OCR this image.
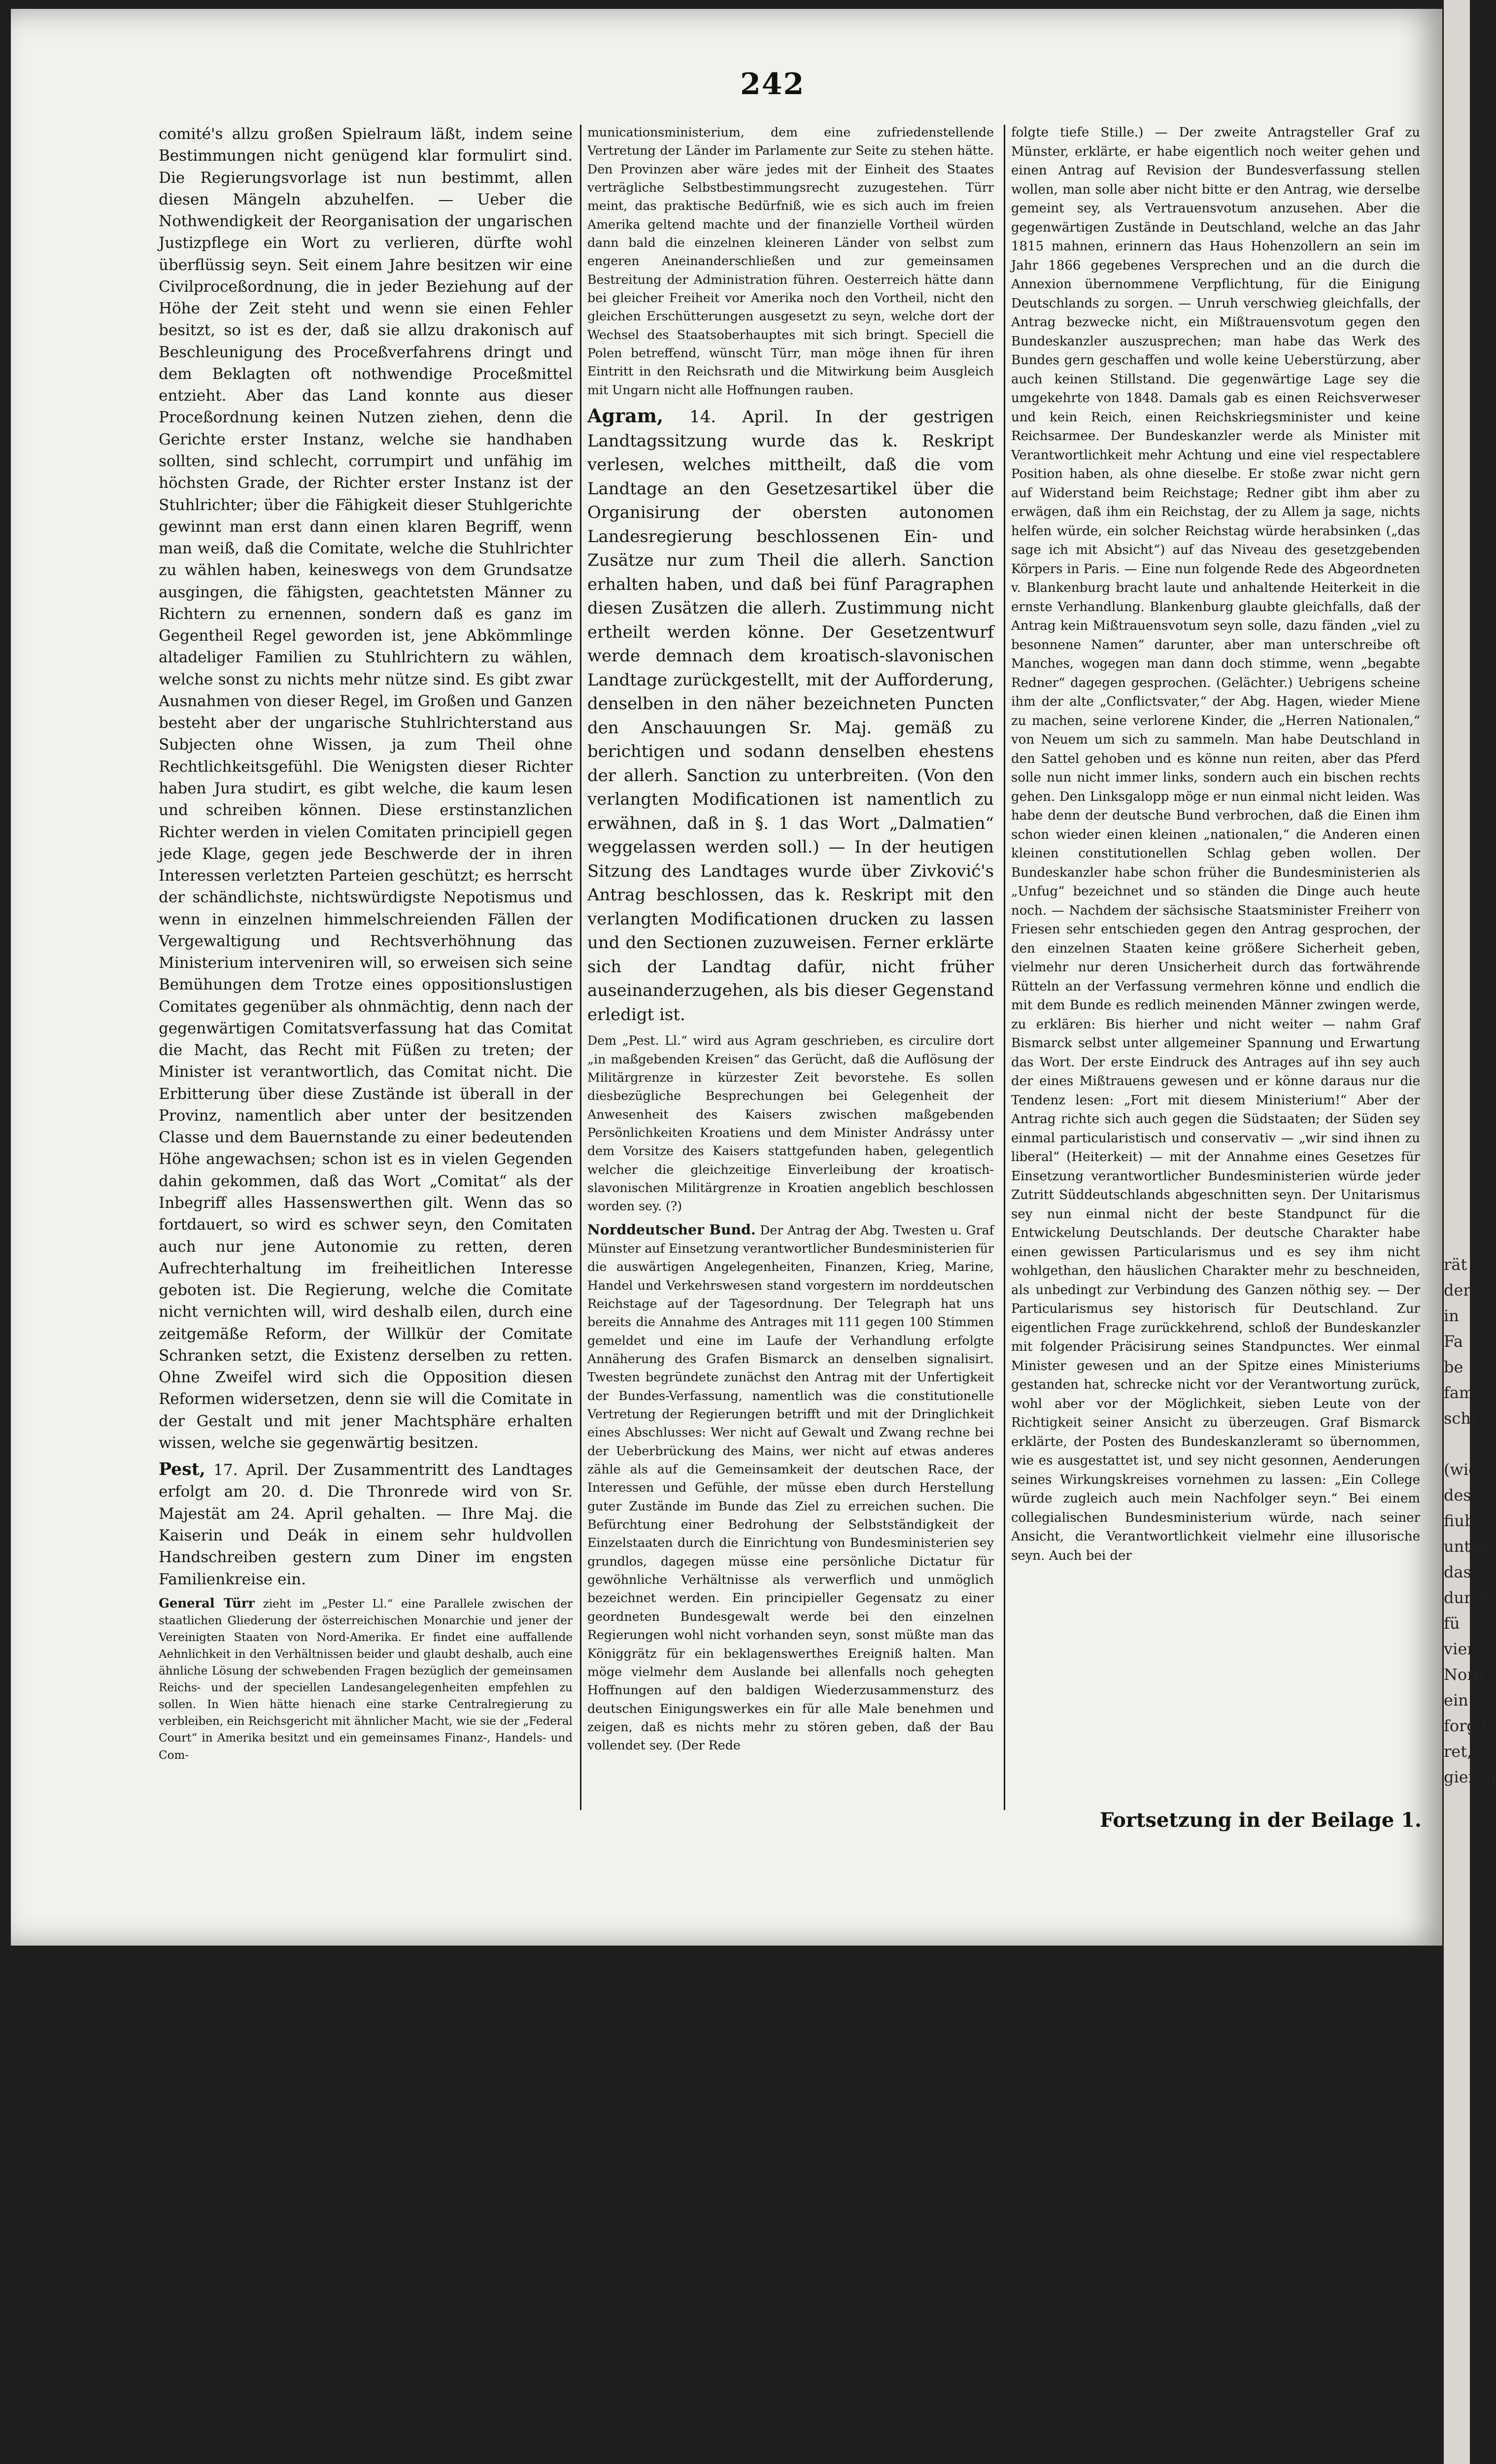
242

comité's allzu großen Spielraum läßt, indem seine Bestimmungen nicht genügend klar formulirt sind. Die Regierungsvorlage ist nun bestimmt, allen diesen Mängeln abzuhelfen. — Ueber die Nothwendigkeit der Reorganisation der ungarischen Justizpflege ein Wort zu verlieren, dürfte wohl überflüssig seyn. Seit einem Jahre besitzen wir eine Civilproceßordnung, die in jeder Beziehung auf der Höhe der Zeit steht und wenn sie einen Fehler besitzt, so ist es der, daß sie allzu drakonisch auf Beschleunigung des Proceßverfahrens dringt und dem Beklagten oft nothwendige Proceßmittel entzieht. Aber das Land konnte aus dieser Proceßordnung keinen Nutzen ziehen, denn die Gerichte erster Instanz, welche sie handhaben sollten, sind schlecht, corrumpirt und unfähig im höchsten Grade, der Richter erster Instanz ist der Stuhlrichter; über die Fähigkeit dieser Stuhlgerichte gewinnt man erst dann einen klaren Begriff, wenn man weiß, daß die Comitate, welche die Stuhlrichter zu wählen haben, keineswegs von dem Grundsatze ausgingen, die fähigsten, geachtetsten Männer zu Richtern zu ernennen, sondern daß es ganz im Gegentheil Regel geworden ist, jene Abkömmlinge altadeliger Familien zu Stuhlrichtern zu wählen, welche sonst zu nichts mehr nütze sind. Es gibt zwar Ausnahmen von dieser Regel, im Großen und Ganzen besteht aber der ungarische Stuhlrichterstand aus Subjecten ohne Wissen, ja zum Theil ohne Rechtlichkeitsgefühl. Die Wenigsten dieser Richter haben Jura studirt, es gibt welche, die kaum lesen und schreiben können. Diese erstinstanzlichen Richter werden in vielen Comitaten principiell gegen jede Klage, gegen jede Beschwerde der in ihren Interessen verletzten Parteien geschützt; es herrscht der schändlichste, nichtswürdigste Nepotismus und wenn in einzelnen himmelschreienden Fällen der Vergewaltigung und Rechtsverhöhnung das Ministerium interveniren will, so erweisen sich seine Bemühungen dem Trotze eines oppositionslustigen Comitates gegenüber als ohnmächtig, denn nach der gegenwärtigen Comitatsverfassung hat das Comitat die Macht, das Recht mit Füßen zu treten; der Minister ist verantwortlich, das Comitat nicht. Die Erbitterung über diese Zustände ist überall in der Provinz, namentlich aber unter der besitzenden Classe und dem Bauernstande zu einer bedeutenden Höhe angewachsen; schon ist es in vielen Gegenden dahin gekommen, daß das Wort „Comitat“ als der Inbegriff alles Hassenswerthen gilt. Wenn das so fortdauert, so wird es schwer seyn, den Comitaten auch nur jene Autonomie zu retten, deren Aufrechterhaltung im freiheitlichen Interesse geboten ist. Die Regierung, welche die Comitate nicht vernichten will, wird deshalb eilen, durch eine zeitgemäße Reform, der Willkür der Comitate Schranken setzt, die Existenz derselben zu retten. Ohne Zweifel wird sich die Opposition diesen Reformen widersetzen, denn sie will die Comitate in der Gestalt und mit jener Machtsphäre erhalten wissen, welche sie gegenwärtig besitzen.

Pest, 17. April. Der Zusammentritt des Landtages erfolgt am 20. d. Die Thronrede wird von Sr. Majestät am 24. April gehalten. — Ihre Maj. die Kaiserin und Deák in einem sehr huldvollen Handschreiben gestern zum Diner im engsten Familienkreise ein.

General Türr zieht im „Pester Ll.“ eine Parallele zwischen der staatlichen Gliederung der österreichischen Monarchie und jener der Vereinigten Staaten von Nord-Amerika. Er findet eine auffallende Aehnlichkeit in den Verhältnissen beider und glaubt deshalb, auch eine ähnliche Lösung der schwebenden Fragen bezüglich der gemeinsamen Reichs- und der speciellen Landesangelegenheiten empfehlen zu sollen. In Wien hätte hienach eine starke Centralregierung zu verbleiben, ein Reichsgericht mit ähnlicher Macht, wie sie der „Federal Court“ in Amerika besitzt und ein gemeinsames Finanz-, Handels- und Com-

municationsministerium, dem eine zufriedenstellende Vertretung der Länder im Parlamente zur Seite zu stehen hätte. Den Provinzen aber wäre jedes mit der Einheit des Staates verträgliche Selbstbestimmungsrecht zuzugestehen. Türr meint, das praktische Bedürfniß, wie es sich auch im freien Amerika geltend machte und der finanzielle Vortheil würden dann bald die einzelnen kleineren Länder von selbst zum engeren Aneinanderschließen und zur gemeinsamen Bestreitung der Administration führen. Oesterreich hätte dann bei gleicher Freiheit vor Amerika noch den Vortheil, nicht den gleichen Erschütterungen ausgesetzt zu seyn, welche dort der Wechsel des Staatsoberhauptes mit sich bringt. Speciell die Polen betreffend, wünscht Türr, man möge ihnen für ihren Eintritt in den Reichsrath und die Mitwirkung beim Ausgleich mit Ungarn nicht alle Hoffnungen rauben.

Agram, 14. April. In der gestrigen Landtagssitzung wurde das k. Reskript verlesen, welches mittheilt, daß die vom Landtage an den Gesetzesartikel über die Organisirung der obersten autonomen Landesregierung beschlossenen Ein- und Zusätze nur zum Theil die allerh. Sanction erhalten haben, und daß bei fünf Paragraphen diesen Zusätzen die allerh. Zustimmung nicht ertheilt werden könne. Der Gesetzentwurf werde demnach dem kroatisch-slavonischen Landtage zurückgestellt, mit der Aufforderung, denselben in den näher bezeichneten Puncten den Anschauungen Sr. Maj. gemäß zu berichtigen und sodann denselben ehestens der allerh. Sanction zu unterbreiten. (Von den verlangten Modificationen ist namentlich zu erwähnen, daß in §. 1 das Wort „Dalmatien“ weggelassen werden soll.) — In der heutigen Sitzung des Landtages wurde über Zivković's Antrag beschlossen, das k. Reskript mit den verlangten Modificationen drucken zu lassen und den Sectionen zuzuweisen. Ferner erklärte sich der Landtag dafür, nicht früher auseinanderzugehen, als bis dieser Gegenstand erledigt ist.

Dem „Pest. Ll.“ wird aus Agram geschrieben, es circulire dort „in maßgebenden Kreisen“ das Gerücht, daß die Auflösung der Militärgrenze in kürzester Zeit bevorstehe. Es sollen diesbezügliche Besprechungen bei Gelegenheit der Anwesenheit des Kaisers zwischen maßgebenden Persönlichkeiten Kroatiens und dem Minister Andrássy unter dem Vorsitze des Kaisers stattgefunden haben, gelegentlich welcher die gleichzeitige Einverleibung der kroatisch-slavonischen Militärgrenze in Kroatien angeblich beschlossen worden sey. (?)

Norddeutscher Bund. Der Antrag der Abg. Twesten u. Graf Münster auf Einsetzung verantwortlicher Bundesministerien für die auswärtigen Angelegenheiten, Finanzen, Krieg, Marine, Handel und Verkehrswesen stand vorgestern im norddeutschen Reichstage auf der Tagesordnung. Der Telegraph hat uns bereits die Annahme des Antrages mit 111 gegen 100 Stimmen gemeldet und eine im Laufe der Verhandlung erfolgte Annäherung des Grafen Bismarck an denselben signalisirt. Twesten begründete zunächst den Antrag mit der Unfertigkeit der Bundes-Verfassung, namentlich was die constitutionelle Vertretung der Regierungen betrifft und mit der Dringlichkeit eines Abschlusses: Wer nicht auf Gewalt und Zwang rechne bei der Ueberbrückung des Mains, wer nicht auf etwas anderes zähle als auf die Gemeinsamkeit der deutschen Race, der Interessen und Gefühle, der müsse eben durch Herstellung guter Zustände im Bunde das Ziel zu erreichen suchen. Die Befürchtung einer Bedrohung der Selbstständigkeit der Einzelstaaten durch die Einrichtung von Bundesministerien sey grundlos, dagegen müsse eine persönliche Dictatur für gewöhnliche Verhältnisse als verwerflich und unmöglich bezeichnet werden. Ein principieller Gegensatz zu einer geordneten Bundesgewalt werde bei den einzelnen Regierungen wohl nicht vorhanden seyn, sonst müßte man das Königgrätz für ein beklagenswerthes Ereigniß halten. Man möge vielmehr dem Auslande bei allenfalls noch gehegten Hoffnungen auf den baldigen Wiederzusammensturz des deutschen Einigungswerkes ein für alle Male benehmen und zeigen, daß es nichts mehr zu stören geben, daß der Bau vollendet sey. (Der Rede

folgte tiefe Stille.) — Der zweite Antragsteller Graf zu Münster, erklärte, er habe eigentlich noch weiter gehen und einen Antrag auf Revision der Bundesverfassung stellen wollen, man solle aber nicht bitte er den Antrag, wie derselbe gemeint sey, als Vertrauensvotum anzusehen. Aber die gegenwärtigen Zustände in Deutschland, welche an das Jahr 1815 mahnen, erinnern das Haus Hohenzollern an sein im Jahr 1866 gegebenes Versprechen und an die durch die Annexion übernommene Verpflichtung, für die Einigung Deutschlands zu sorgen. — Unruh verschwieg gleichfalls, der Antrag bezwecke nicht, ein Mißtrauensvotum gegen den Bundeskanzler auszusprechen; man habe das Werk des Bundes gern geschaffen und wolle keine Ueberstürzung, aber auch keinen Stillstand. Die gegenwärtige Lage sey die umgekehrte von 1848. Damals gab es einen Reichsverweser und kein Reich, einen Reichskriegsminister und keine Reichsarmee. Der Bundeskanzler werde als Minister mit Verantwortlichkeit mehr Achtung und eine viel respectablere Position haben, als ohne dieselbe. Er stoße zwar nicht gern auf Widerstand beim Reichstage; Redner gibt ihm aber zu erwägen, daß ihm ein Reichstag, der zu Allem ja sage, nichts helfen würde, ein solcher Reichstag würde herabsinken („das sage ich mit Absicht“) auf das Niveau des gesetzgebenden Körpers in Paris. — Eine nun folgende Rede des Abgeordneten v. Blankenburg bracht laute und anhaltende Heiterkeit in die ernste Verhandlung. Blankenburg glaubte gleichfalls, daß der Antrag kein Mißtrauensvotum seyn solle, dazu fänden „viel zu besonnene Namen“ darunter, aber man unterschreibe oft Manches, wogegen man dann doch stimme, wenn „begabte Redner“ dagegen gesprochen. (Gelächter.) Uebrigens scheine ihm der alte „Conflictsvater,“ der Abg. Hagen, wieder Miene zu machen, seine verlorene Kinder, die „Herren Nationalen,“ von Neuem um sich zu sammeln. Man habe Deutschland in den Sattel gehoben und es könne nun reiten, aber das Pferd solle nun nicht immer links, sondern auch ein bischen rechts gehen. Den Linksgalopp möge er nun einmal nicht leiden. Was habe denn der deutsche Bund verbrochen, daß die Einen ihm schon wieder einen kleinen „nationalen,“ die Anderen einen kleinen constitutionellen Schlag geben wollen. Der Bundeskanzler habe schon früher die Bundesministerien als „Unfug“ bezeichnet und so ständen die Dinge auch heute noch. — Nachdem der sächsische Staatsminister Freiherr von Friesen sehr entschieden gegen den Antrag gesprochen, der den einzelnen Staaten keine größere Sicherheit geben, vielmehr nur deren Unsicherheit durch das fortwährende Rütteln an der Verfassung vermehren könne und endlich die mit dem Bunde es redlich meinenden Männer zwingen werde, zu erklären: Bis hierher und nicht weiter — nahm Graf Bismarck selbst unter allgemeiner Spannung und Erwartung das Wort. Der erste Eindruck des Antrages auf ihn sey auch der eines Mißtrauens gewesen und er könne daraus nur die Tendenz lesen: „Fort mit diesem Ministerium!“ Aber der Antrag richte sich auch gegen die Südstaaten; der Süden sey einmal particularistisch und conservativ — „wir sind ihnen zu liberal“ (Heiterkeit) — mit der Annahme eines Gesetzes für Einsetzung verantwortlicher Bundesministerien würde jeder Zutritt Süddeutschlands abgeschnitten seyn. Der Unitarismus sey nun einmal nicht der beste Standpunct für die Entwickelung Deutschlands. Der deutsche Charakter habe einen gewissen Particularismus und es sey ihm nicht wohlgethan, den häuslichen Charakter mehr zu beschneiden, als unbedingt zur Verbindung des Ganzen nöthig sey. — Der Particularismus sey historisch für Deutschland. Zur eigentlichen Frage zurückkehrend, schloß der Bundeskanzler mit folgender Präcisirung seines Standpunctes. Wer einmal Minister gewesen und an der Spitze eines Ministeriums gestanden hat, schrecke nicht vor der Verantwortung zurück, wohl aber vor der Möglichkeit, sieben Leute von der Richtigkeit seiner Ansicht zu überzeugen. Graf Bismarck erklärte, der Posten des Bundeskanzleramt so übernommen, wie es ausgestattet ist, und sey nicht gesonnen, Aenderungen seines Wirkungskreises vornehmen zu lassen: „Ein College würde zugleich auch mein Nachfolger seyn.“ Bei einem collegialischen Bundesministerium würde, nach seiner Ansicht, die Verantwortlichkeit vielmehr eine illusorische seyn. Auch bei der

Fortsetzung in der Beilage 1.
rät
der
in
Fa
be
fam
schl

(wie
des
fiub
unter
das
durch
fü
vier
Nord
ein
forgu
ret,
gierun
